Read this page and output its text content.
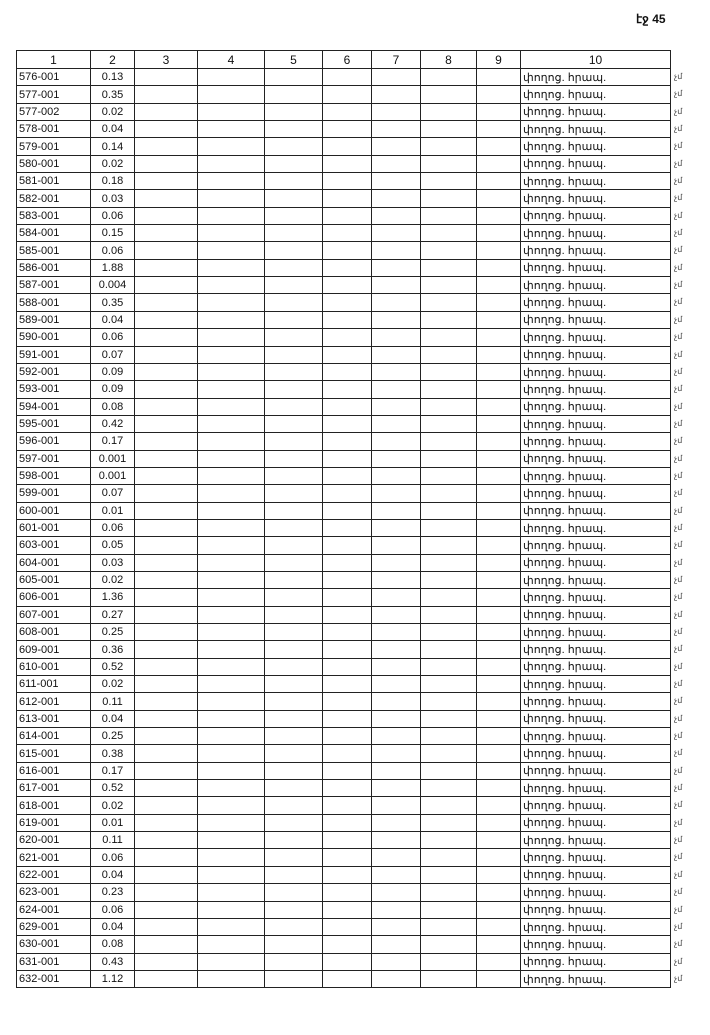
էջ 45
1	2	3	4	5	6	7	8	9	10
576-001	0.13								փողոց. հրապ.
577-001	0.35								փողոց. հրապ.
577-002	0.02								փողոց. հրապ.
578-001	0.04								փողոց. հրապ.
579-001	0.14								փողոց. հրապ.
580-001	0.02								փողոց. հրապ.
581-001	0.18								փողոց. հրապ.
582-001	0.03								փողոց. հրապ.
583-001	0.06								փողոց. հրապ.
584-001	0.15								փողոց. հրապ.
585-001	0.06								փողոց. հրապ.
586-001	1.88								փողոց. հրապ.
587-001	0.004								փողոց. հրապ.
588-001	0.35								փողոց. հրապ.
589-001	0.04								փողոց. հրապ.
590-001	0.06								փողոց. հրապ.
591-001	0.07								փողոց. հրապ.
592-001	0.09								փողոց. հրապ.
593-001	0.09								փողոց. հրապ.
594-001	0.08								փողոց. հրապ.
595-001	0.42								փողոց. հրապ.
596-001	0.17								փողոց. հրապ.
597-001	0.001								փողոց. հրապ.
598-001	0.001								փողոց. հրապ.
599-001	0.07								փողոց. հրապ.
600-001	0.01								փողոց. հրապ.
601-001	0.06								փողոց. հրապ.
603-001	0.05								փողոց. հրապ.
604-001	0.03								փողոց. հրապ.
605-001	0.02								փողոց. հրապ.
606-001	1.36								փողոց. հրապ.
607-001	0.27								փողոց. հրապ.
608-001	0.25								փողոց. հրապ.
609-001	0.36								փողոց. հրապ.
610-001	0.52								փողոց. հրապ.
611-001	0.02								փողոց. հրապ.
612-001	0.11								փողոց. հրապ.
613-001	0.04								փողոց. հրապ.
614-001	0.25								փողոց. հրապ.
615-001	0.38								փողոց. հրապ.
616-001	0.17								փողոց. հրապ.
617-001	0.52								փողոց. հրապ.
618-001	0.02								փողոց. հրապ.
619-001	0.01								փողոց. հրապ.
620-001	0.11								փողոց. հրապ.
621-001	0.06								փողոց. հրապ.
622-001	0.04								փողոց. հրապ.
623-001	0.23								փողոց. հրապ.
624-001	0.06								փողոց. հրապ.
629-001	0.04								փողոց. հրապ.
630-001	0.08								փողոց. հրապ.
631-001	0.43								փողոց. հրապ.
632-001	1.12								փողոց. հրապ.
չմ
չմ
չմ
չմ
չմ
չմ
չմ
չմ
չմ
չմ
չմ
չմ
չմ
չմ
չմ
չմ
չմ
չմ
չմ
չմ
չմ
չմ
չմ
չմ
չմ
չմ
չմ
չմ
չմ
չմ
չմ
չմ
չմ
չմ
չմ
չմ
չմ
չմ
չմ
չմ
չմ
չմ
չմ
չմ
չմ
չմ
չմ
չմ
չմ
չմ
չմ
չմ
չմ
